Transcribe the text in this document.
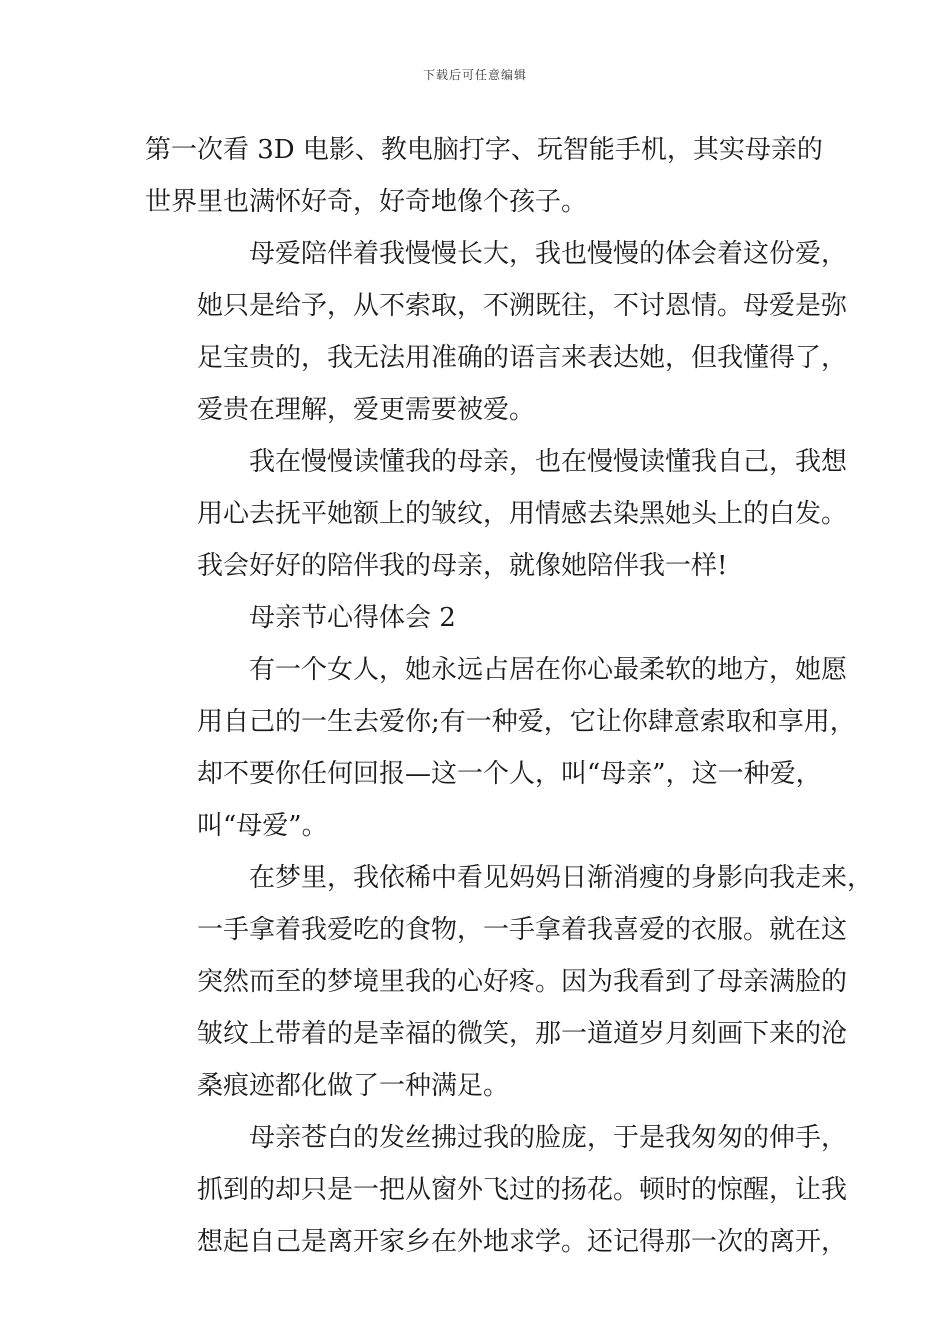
下载后可任意编辑
第一次看 3D 电影、教电脑打字、玩智能手机，其实母亲的
世界里也满怀好奇，好奇地像个孩子。
母爱陪伴着我慢慢长大，我也慢慢的体会着这份爱，
她只是给予，从不索取，不溯既往，不讨恩情。母爱是弥
足宝贵的，我无法用准确的语言来表达她，但我懂得了，
爱贵在理解，爱更需要被爱。
我在慢慢读懂我的母亲，也在慢慢读懂我自己，我想
用心去抚平她额上的皱纹，用情感去染黑她头上的白发。
我会好好的陪伴我的母亲，就像她陪伴我一样!
母亲节心得体会 2
有一个女人，她永远占居在你心最柔软的地方，她愿
用自己的一生去爱你;有一种爱，它让你肆意索取和享用，
却不要你任何回报—这一个人，叫“母亲”，这一种爱，
叫“母爱”。
在梦里，我依稀中看见妈妈日渐消瘦的身影向我走来，
一手拿着我爱吃的食物，一手拿着我喜爱的衣服。就在这
突然而至的梦境里我的心好疼。因为我看到了母亲满脸的
皱纹上带着的是幸福的微笑，那一道道岁月刻画下来的沧
桑痕迹都化做了一种满足。
母亲苍白的发丝拂过我的脸庞，于是我匆匆的伸手，
抓到的却只是一把从窗外飞过的扬花。顿时的惊醒，让我
想起自己是离开家乡在外地求学。还记得那一次的离开，
